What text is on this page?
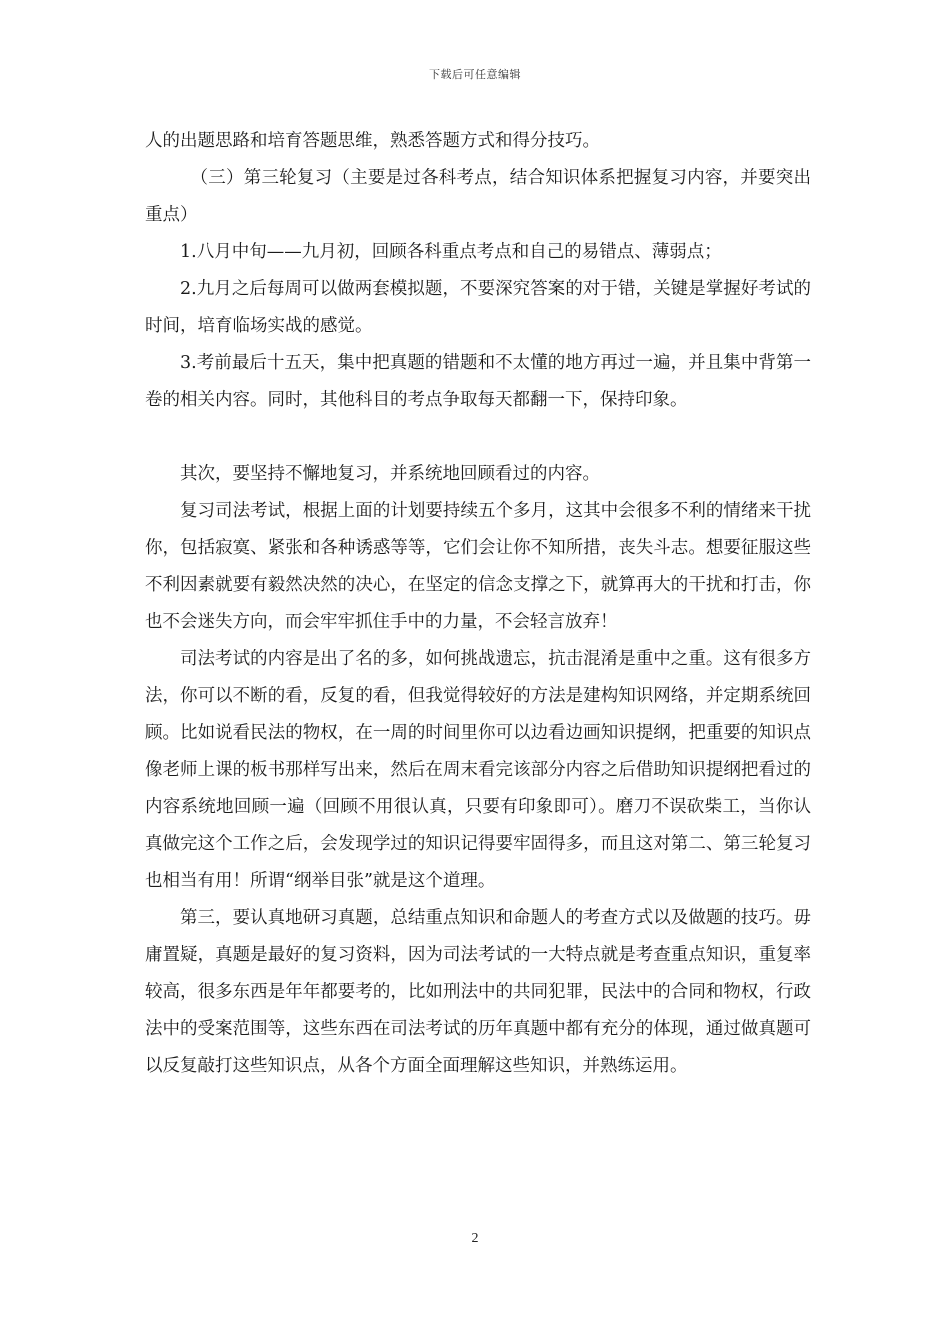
下载后可任意编辑

人的出题思路和培育答题思维，熟悉答题方式和得分技巧。

（三）第三轮复习（主要是过各科考点，结合知识体系把握复习内容，并要突出重点）

1.八月中旬——九月初，回顾各科重点考点和自己的易错点、薄弱点；

2.九月之后每周可以做两套模拟题，不要深究答案的对于错，关键是掌握好考试的时间，培育临场实战的感觉。

3.考前最后十五天，集中把真题的错题和不太懂的地方再过一遍，并且集中背第一卷的相关内容。同时，其他科目的考点争取每天都翻一下，保持印象。

其次，要坚持不懈地复习，并系统地回顾看过的内容。

复习司法考试，根据上面的计划要持续五个多月，这其中会很多不利的情绪来干扰你，包括寂寞、紧张和各种诱惑等等，它们会让你不知所措，丧失斗志。想要征服这些不利因素就要有毅然决然的决心，在坚定的信念支撑之下，就算再大的干扰和打击，你也不会迷失方向，而会牢牢抓住手中的力量，不会轻言放弃！

司法考试的内容是出了名的多，如何挑战遗忘，抗击混淆是重中之重。这有很多方法，你可以不断的看，反复的看，但我觉得较好的方法是建构知识网络，并定期系统回顾。比如说看民法的物权，在一周的时间里你可以边看边画知识提纲，把重要的知识点像老师上课的板书那样写出来，然后在周末看完该部分内容之后借助知识提纲把看过的内容系统地回顾一遍（回顾不用很认真，只要有印象即可）。磨刀不误砍柴工，当你认真做完这个工作之后，会发现学过的知识记得要牢固得多，而且这对第二、第三轮复习也相当有用！所谓“纲举目张”就是这个道理。

第三，要认真地研习真题，总结重点知识和命题人的考查方式以及做题的技巧。毋庸置疑，真题是最好的复习资料，因为司法考试的一大特点就是考查重点知识，重复率较高，很多东西是年年都要考的，比如刑法中的共同犯罪，民法中的合同和物权，行政法中的受案范围等，这些东西在司法考试的历年真题中都有充分的体现，通过做真题可以反复敲打这些知识点，从各个方面全面理解这些知识，并熟练运用。

2
